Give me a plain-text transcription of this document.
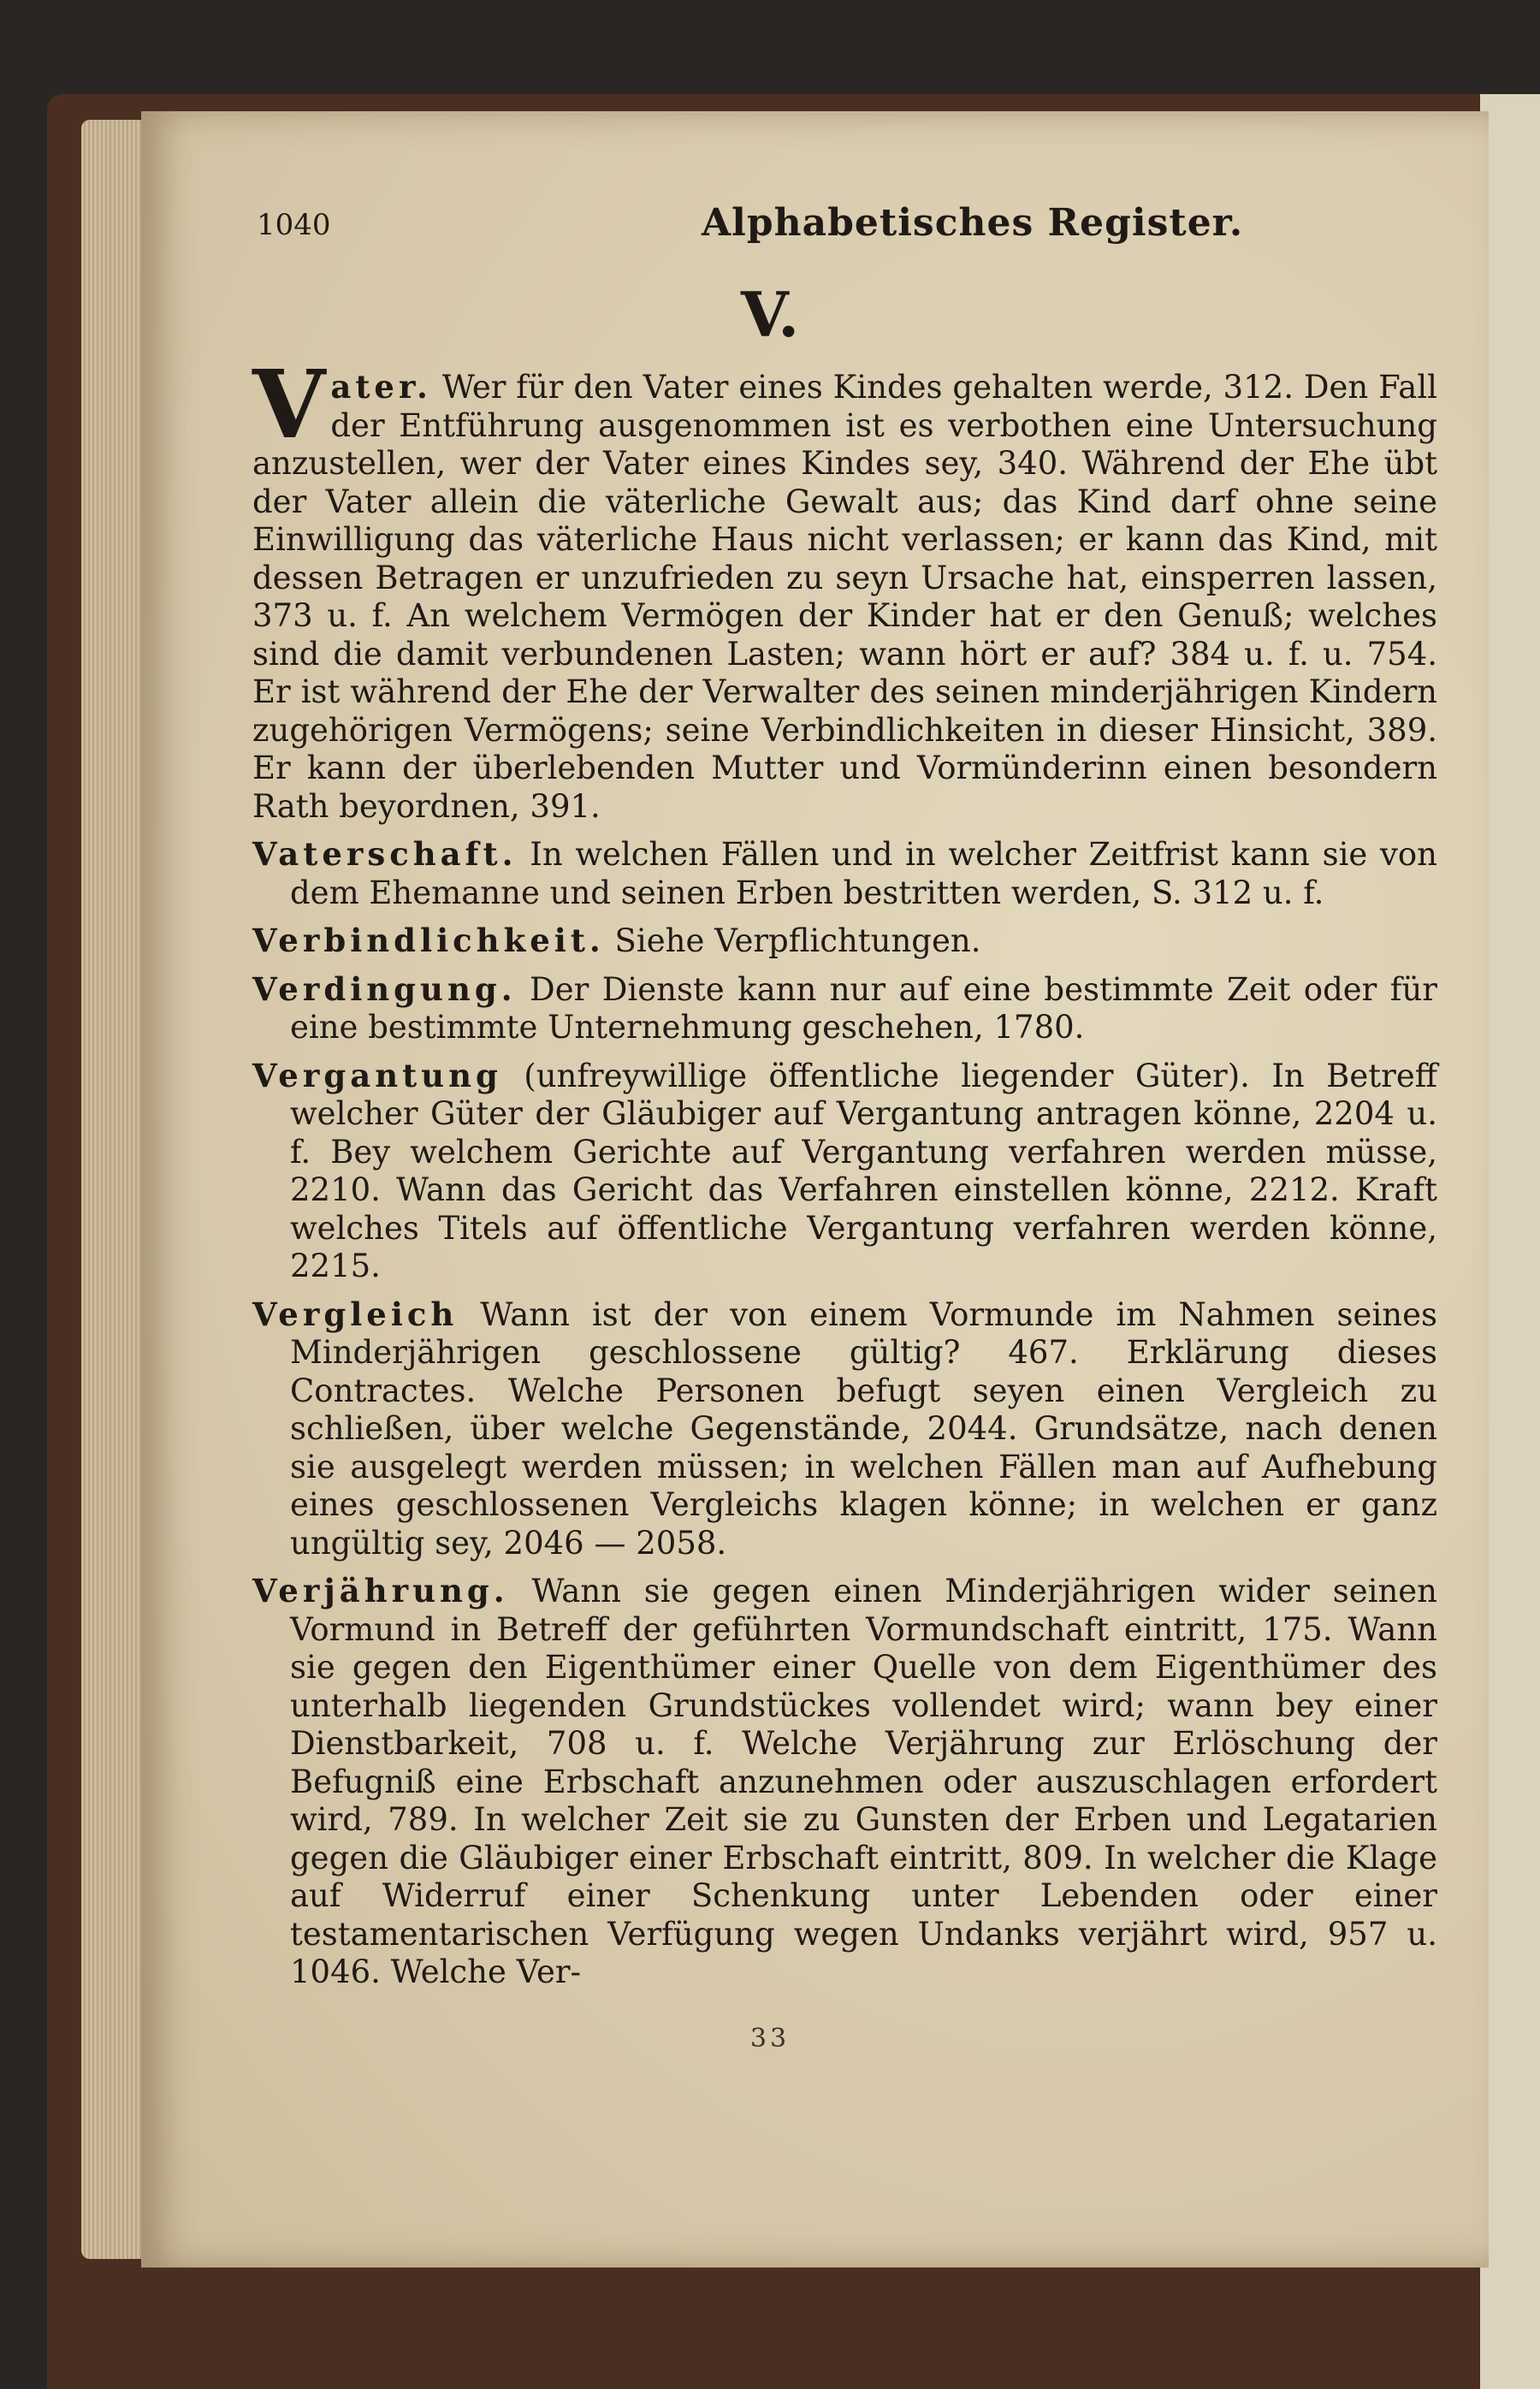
1040	Alphabetisches Register.
V.

Vater. Wer für den Vater eines Kindes gehalten werde, 312. Den Fall der Entführung ausgenommen ist es verbothen eine Untersuchung anzustellen, wer der Vater eines Kindes sey, 340. Während der Ehe übt der Vater allein die väterliche Gewalt aus; das Kind darf ohne seine Einwilligung das väterliche Haus nicht verlassen; er kann das Kind, mit dessen Betragen er unzufrieden zu seyn Ursache hat, einsperren lassen, 373 u. f. An welchem Vermögen der Kinder hat er den Genuß; welches sind die damit verbundenen Lasten; wann hört er auf? 384 u. f. u. 754. Er ist während der Ehe der Verwalter des seinen minderjährigen Kindern zugehörigen Vermögens; seine Verbindlichkeiten in dieser Hinsicht, 389. Er kann der überlebenden Mutter und Vormünderinn einen besondern Rath beyordnen, 391.

Vaterschaft. In welchen Fällen und in welcher Zeitfrist kann sie von dem Ehemanne und seinen Erben bestritten werden, S. 312 u. f.

Verbindlichkeit. Siehe Verpflichtungen.

Verdingung. Der Dienste kann nur auf eine bestimmte Zeit oder für eine bestimmte Unternehmung geschehen, 1780.

Vergantung (unfreywillige öffentliche liegender Güter). In Betreff welcher Güter der Gläubiger auf Vergantung antragen könne, 2204 u. f. Bey welchem Gerichte auf Vergantung verfahren werden müsse, 2210. Wann das Gericht das Verfahren einstellen könne, 2212. Kraft welches Titels auf öffentliche Vergantung verfahren werden könne, 2215.

Vergleich Wann ist der von einem Vormunde im Nahmen seines Minderjährigen geschlossene gültig? 467. Erklärung dieses Contractes. Welche Personen befugt seyen einen Vergleich zu schließen, über welche Gegenstände, 2044. Grundsätze, nach denen sie ausgelegt werden müssen; in welchen Fällen man auf Aufhebung eines geschlossenen Vergleichs klagen könne; in welchen er ganz ungültig sey, 2046 — 2058.

Verjährung. Wann sie gegen einen Minderjährigen wider seinen Vormund in Betreff der geführten Vormundschaft eintritt, 175. Wann sie gegen den Eigenthümer einer Quelle von dem Eigenthümer des unterhalb liegenden Grundstückes vollendet wird; wann bey einer Dienstbarkeit, 708 u. f. Welche Verjährung zur Erlöschung der Befugniß eine Erbschaft anzunehmen oder auszuschlagen erfordert wird, 789. In welcher Zeit sie zu Gunsten der Erben und Legatarien gegen die Gläubiger einer Erbschaft eintritt, 809. In welcher die Klage auf Widerruf einer Schenkung unter Lebenden oder einer testamentarischen Verfügung wegen Undanks verjährt wird, 957 u. 1046. Welche Ver-

33
